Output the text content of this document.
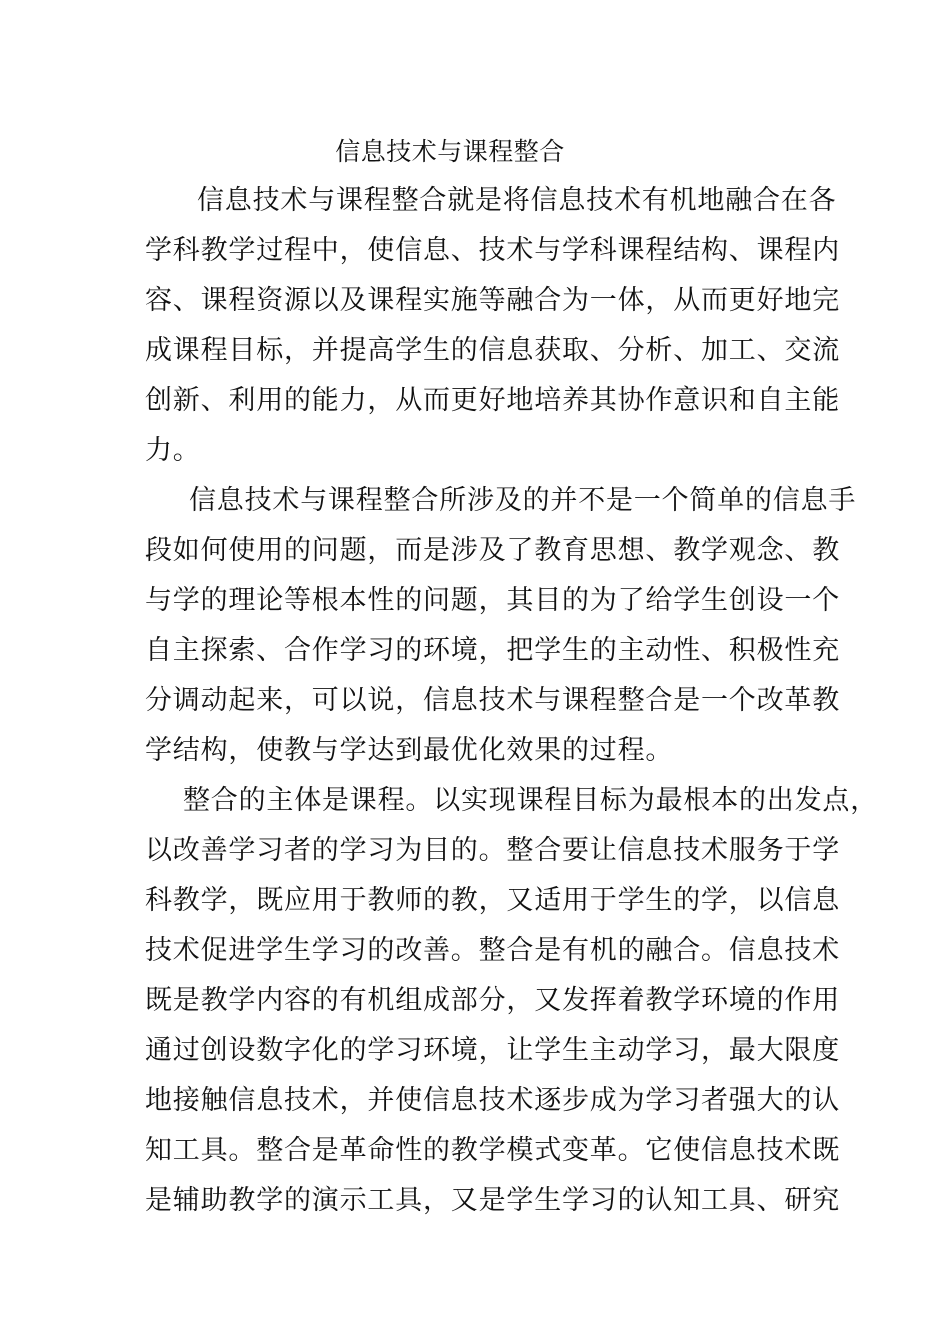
信息技术与课程整合
信息技术与课程整合就是将信息技术有机地融合在各
学科教学过程中，使信息、技术与学科课程结构、课程内
容、课程资源以及课程实施等融合为一体，从而更好地完
成课程目标，并提高学生的信息获取、分析、加工、交流
创新、利用的能力，从而更好地培养其协作意识和自主能
力。
信息技术与课程整合所涉及的并不是一个简单的信息手
段如何使用的问题，而是涉及了教育思想、教学观念、教
与学的理论等根本性的问题，其目的为了给学生创设一个
自主探索、合作学习的环境，把学生的主动性、积极性充
分调动起来，可以说，信息技术与课程整合是一个改革教
学结构，使教与学达到最优化效果的过程。
整合的主体是课程。以实现课程目标为最根本的出发点，
以改善学习者的学习为目的。整合要让信息技术服务于学
科教学，既应用于教师的教，又适用于学生的学，以信息
技术促进学生学习的改善。整合是有机的融合。信息技术
既是教学内容的有机组成部分，又发挥着教学环境的作用
通过创设数字化的学习环境，让学生主动学习，最大限度
地接触信息技术，并使信息技术逐步成为学习者强大的认
知工具。整合是革命性的教学模式变革。它使信息技术既
是辅助教学的演示工具，又是学生学习的认知工具、研究
